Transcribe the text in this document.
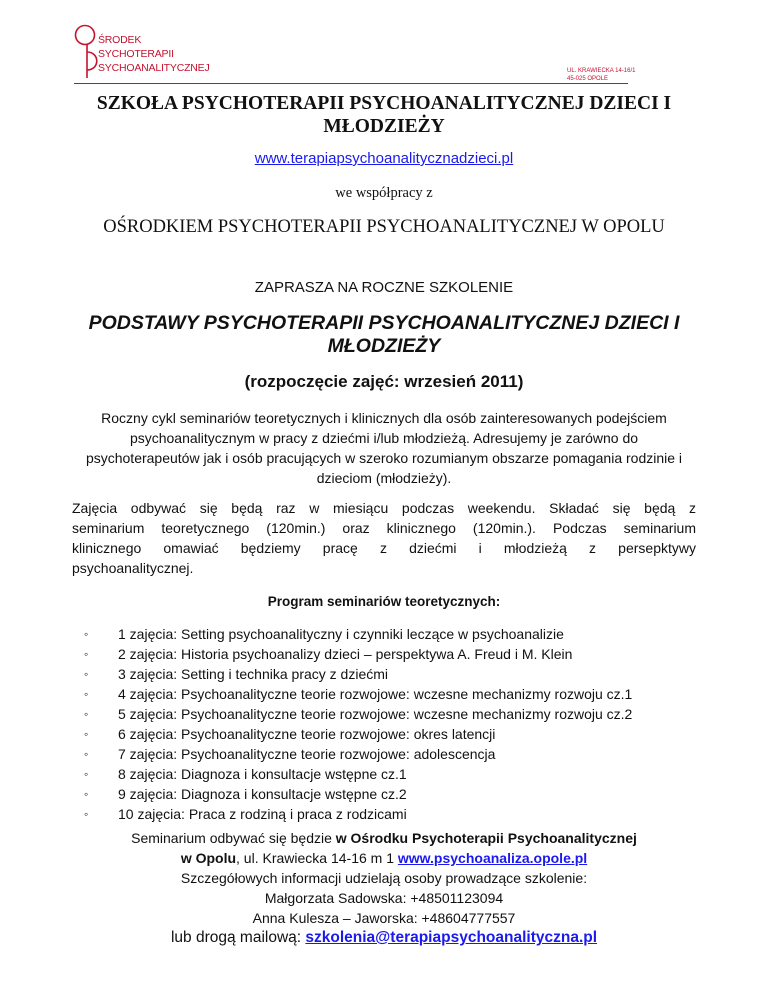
ŚRODEK
SYCHOTERAPII
SYCHOANALITYCZNEJ	UL. KRAWIECKA 14-16/1
45-025 OPOLE
SZKOŁA PSYCHOTERAPII PSYCHOANALITYCZNEJ DZIECI I MŁODZIEŻY
www.terapiapsychoanalitycznadzieci.pl
we współpracy z
OŚRODKIEM PSYCHOTERAPII PSYCHOANALITYCZNEJ W OPOLU
ZAPRASZA NA ROCZNE SZKOLENIE
PODSTAWY PSYCHOTERAPII PSYCHOANALITYCZNEJ DZIECI I MŁODZIEŻY
(rozpoczęcie zajęć: wrzesień 2011)
Roczny cykl seminariów teoretycznych i klinicznych dla osób zainteresowanych podejściem psychoanalitycznym w pracy z dziećmi i/lub młodzieżą. Adresujemy je zarówno do psychoterapeutów jak i osób pracujących w szeroko rozumianym obszarze pomagania rodzinie i dzieciom (młodzieży).
Zajęcia odbywać się będą raz w miesiącu podczas weekendu. Składać się będą z
seminarium teoretycznego (120min.) oraz klinicznego (120min.). Podczas seminarium
klinicznego omawiać będziemy pracę z dziećmi i młodzieżą z persepktywy
psychoanalitycznej.
Program seminariów teoretycznych:
◦ 1 zajęcia: Setting psychoanalityczny i czynniki leczące w psychoanalizie
◦ 2 zajęcia: Historia psychoanalizy dzieci – perspektywa A. Freud i M. Klein
◦ 3 zajęcia: Setting i technika pracy z dziećmi
◦ 4 zajęcia: Psychoanalityczne teorie rozwojowe: wczesne mechanizmy rozwoju cz.1
◦ 5 zajęcia: Psychoanalityczne teorie rozwojowe: wczesne mechanizmy rozwoju cz.2
◦ 6 zajęcia: Psychoanalityczne teorie rozwojowe: okres latencji
◦ 7 zajęcia: Psychoanalityczne teorie rozwojowe: adolescencja
◦ 8 zajęcia: Diagnoza i konsultacje wstępne cz.1
◦ 9 zajęcia: Diagnoza i konsultacje wstępne cz.2
◦ 10 zajęcia: Praca z rodziną i praca z rodzicami
Seminarium odbywać się będzie w Ośrodku Psychoterapii Psychoanalitycznej
w Opolu, ul. Krawiecka 14-16 m 1 www.psychoanaliza.opole.pl
Szczegółowych informacji udzielają osoby prowadzące szkolenie:
Małgorzata Sadowska: +48501123094
Anna Kulesza – Jaworska: +48604777557
lub drogą mailową: szkolenia@terapiapsychoanalityczna.pl
